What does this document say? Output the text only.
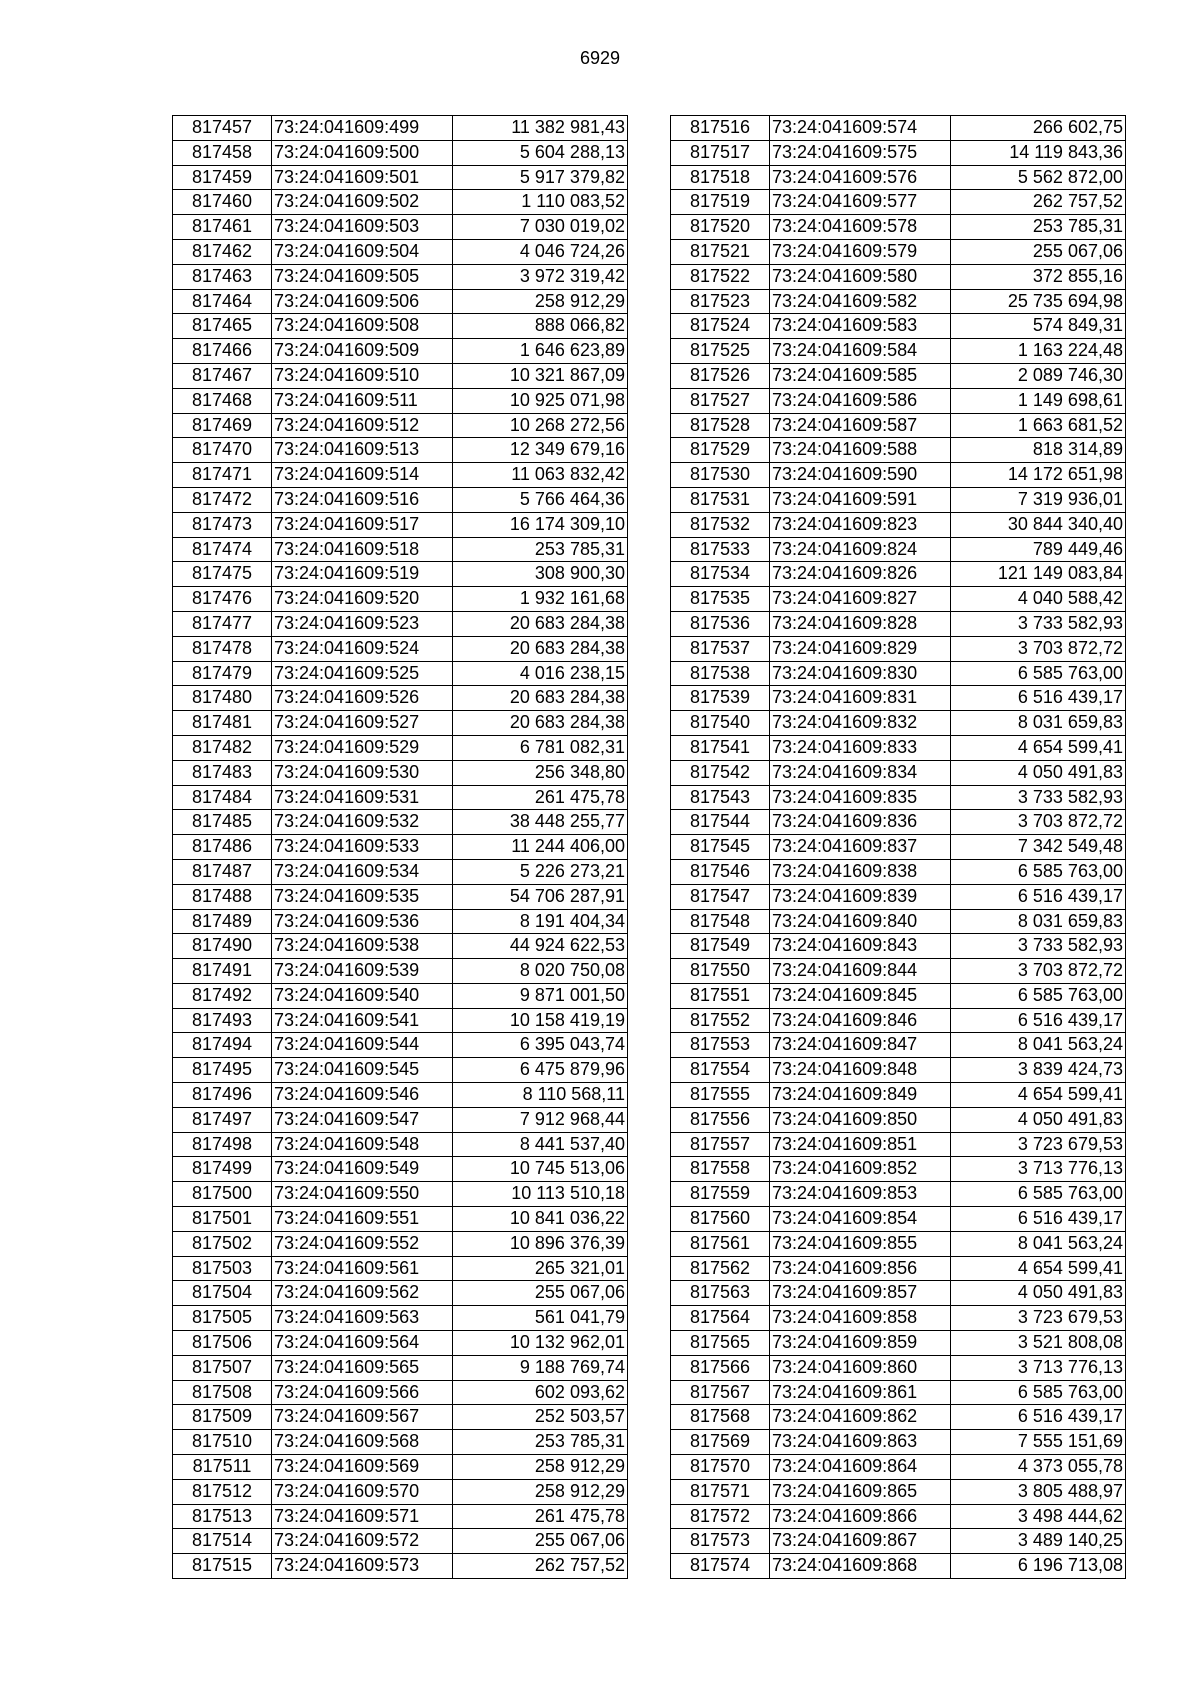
6929
817457	73:24:041609:499	11 382 981,43
817458	73:24:041609:500	5 604 288,13
817459	73:24:041609:501	5 917 379,82
817460	73:24:041609:502	1 110 083,52
817461	73:24:041609:503	7 030 019,02
817462	73:24:041609:504	4 046 724,26
817463	73:24:041609:505	3 972 319,42
817464	73:24:041609:506	258 912,29
817465	73:24:041609:508	888 066,82
817466	73:24:041609:509	1 646 623,89
817467	73:24:041609:510	10 321 867,09
817468	73:24:041609:511	10 925 071,98
817469	73:24:041609:512	10 268 272,56
817470	73:24:041609:513	12 349 679,16
817471	73:24:041609:514	11 063 832,42
817472	73:24:041609:516	5 766 464,36
817473	73:24:041609:517	16 174 309,10
817474	73:24:041609:518	253 785,31
817475	73:24:041609:519	308 900,30
817476	73:24:041609:520	1 932 161,68
817477	73:24:041609:523	20 683 284,38
817478	73:24:041609:524	20 683 284,38
817479	73:24:041609:525	4 016 238,15
817480	73:24:041609:526	20 683 284,38
817481	73:24:041609:527	20 683 284,38
817482	73:24:041609:529	6 781 082,31
817483	73:24:041609:530	256 348,80
817484	73:24:041609:531	261 475,78
817485	73:24:041609:532	38 448 255,77
817486	73:24:041609:533	11 244 406,00
817487	73:24:041609:534	5 226 273,21
817488	73:24:041609:535	54 706 287,91
817489	73:24:041609:536	8 191 404,34
817490	73:24:041609:538	44 924 622,53
817491	73:24:041609:539	8 020 750,08
817492	73:24:041609:540	9 871 001,50
817493	73:24:041609:541	10 158 419,19
817494	73:24:041609:544	6 395 043,74
817495	73:24:041609:545	6 475 879,96
817496	73:24:041609:546	8 110 568,11
817497	73:24:041609:547	7 912 968,44
817498	73:24:041609:548	8 441 537,40
817499	73:24:041609:549	10 745 513,06
817500	73:24:041609:550	10 113 510,18
817501	73:24:041609:551	10 841 036,22
817502	73:24:041609:552	10 896 376,39
817503	73:24:041609:561	265 321,01
817504	73:24:041609:562	255 067,06
817505	73:24:041609:563	561 041,79
817506	73:24:041609:564	10 132 962,01
817507	73:24:041609:565	9 188 769,74
817508	73:24:041609:566	602 093,62
817509	73:24:041609:567	252 503,57
817510	73:24:041609:568	253 785,31
817511	73:24:041609:569	258 912,29
817512	73:24:041609:570	258 912,29
817513	73:24:041609:571	261 475,78
817514	73:24:041609:572	255 067,06
817515	73:24:041609:573	262 757,52
817516	73:24:041609:574	266 602,75
817517	73:24:041609:575	14 119 843,36
817518	73:24:041609:576	5 562 872,00
817519	73:24:041609:577	262 757,52
817520	73:24:041609:578	253 785,31
817521	73:24:041609:579	255 067,06
817522	73:24:041609:580	372 855,16
817523	73:24:041609:582	25 735 694,98
817524	73:24:041609:583	574 849,31
817525	73:24:041609:584	1 163 224,48
817526	73:24:041609:585	2 089 746,30
817527	73:24:041609:586	1 149 698,61
817528	73:24:041609:587	1 663 681,52
817529	73:24:041609:588	818 314,89
817530	73:24:041609:590	14 172 651,98
817531	73:24:041609:591	7 319 936,01
817532	73:24:041609:823	30 844 340,40
817533	73:24:041609:824	789 449,46
817534	73:24:041609:826	121 149 083,84
817535	73:24:041609:827	4 040 588,42
817536	73:24:041609:828	3 733 582,93
817537	73:24:041609:829	3 703 872,72
817538	73:24:041609:830	6 585 763,00
817539	73:24:041609:831	6 516 439,17
817540	73:24:041609:832	8 031 659,83
817541	73:24:041609:833	4 654 599,41
817542	73:24:041609:834	4 050 491,83
817543	73:24:041609:835	3 733 582,93
817544	73:24:041609:836	3 703 872,72
817545	73:24:041609:837	7 342 549,48
817546	73:24:041609:838	6 585 763,00
817547	73:24:041609:839	6 516 439,17
817548	73:24:041609:840	8 031 659,83
817549	73:24:041609:843	3 733 582,93
817550	73:24:041609:844	3 703 872,72
817551	73:24:041609:845	6 585 763,00
817552	73:24:041609:846	6 516 439,17
817553	73:24:041609:847	8 041 563,24
817554	73:24:041609:848	3 839 424,73
817555	73:24:041609:849	4 654 599,41
817556	73:24:041609:850	4 050 491,83
817557	73:24:041609:851	3 723 679,53
817558	73:24:041609:852	3 713 776,13
817559	73:24:041609:853	6 585 763,00
817560	73:24:041609:854	6 516 439,17
817561	73:24:041609:855	8 041 563,24
817562	73:24:041609:856	4 654 599,41
817563	73:24:041609:857	4 050 491,83
817564	73:24:041609:858	3 723 679,53
817565	73:24:041609:859	3 521 808,08
817566	73:24:041609:860	3 713 776,13
817567	73:24:041609:861	6 585 763,00
817568	73:24:041609:862	6 516 439,17
817569	73:24:041609:863	7 555 151,69
817570	73:24:041609:864	4 373 055,78
817571	73:24:041609:865	3 805 488,97
817572	73:24:041609:866	3 498 444,62
817573	73:24:041609:867	3 489 140,25
817574	73:24:041609:868	6 196 713,08
